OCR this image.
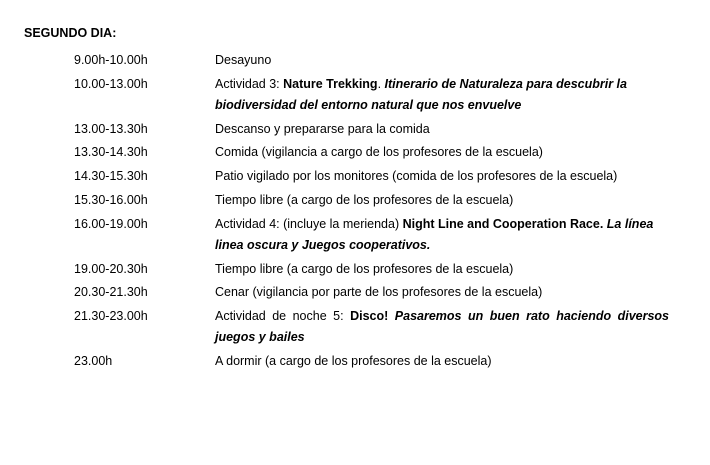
SEGUNDO DIA:
9.00h-10.00h	Desayuno
10.00-13.00h	Actividad 3: Nature Trekking. Itinerario de Naturaleza para descubrir la biodiversidad del entorno natural que nos envuelve
13.00-13.30h	Descanso y prepararse para la comida
13.30-14.30h	Comida (vigilancia a cargo de los profesores de la escuela)
14.30-15.30h	Patio vigilado por los monitores (comida de los profesores de la escuela)
15.30-16.00h	Tiempo libre (a cargo de los profesores de la escuela)
16.00-19.00h	Actividad 4: (incluye la merienda) Night Line and Cooperation Race. La línea linea oscura y Juegos cooperativos.
19.00-20.30h	Tiempo libre (a cargo de los profesores de la escuela)
20.30-21.30h	Cenar (vigilancia por parte de los profesores de la escuela)
21.30-23.00h	Actividad de noche 5: Disco! Pasaremos un buen rato haciendo diversos juegos y bailes
23.00h	A dormir (a cargo de los profesores de la escuela)
